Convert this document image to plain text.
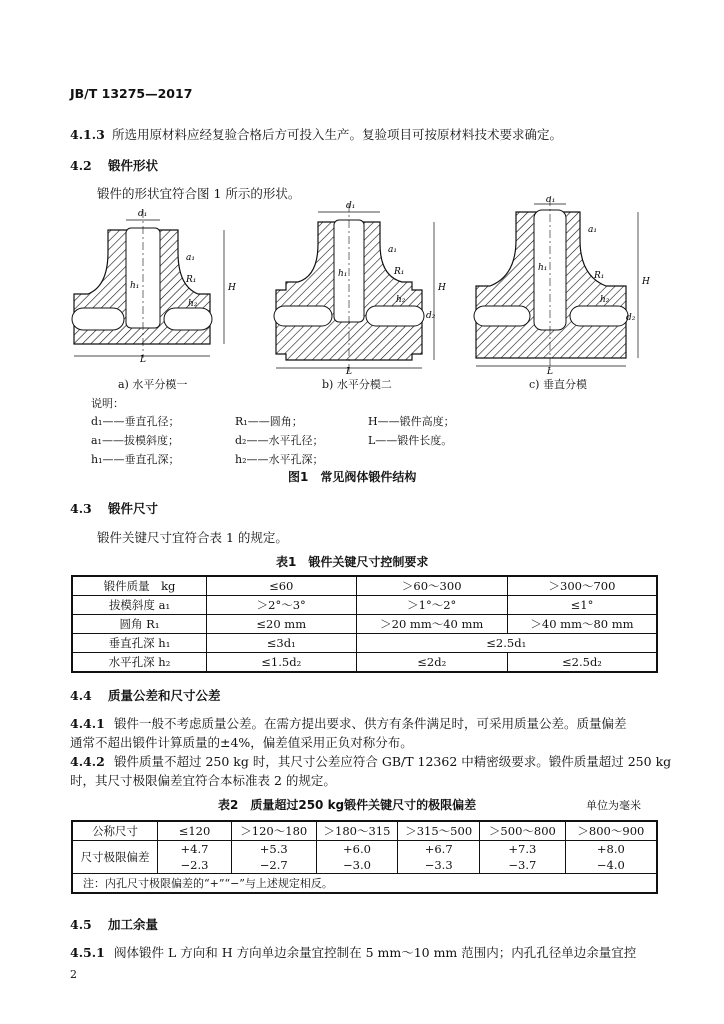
JB/T 13275—2017
4.1.3 所选用原材料应经复验合格后方可投入生产。复验项目可按原材料技术要求确定。
4.2 锻件形状
锻件的形状宜符合图 1 所示的形状。
d₁
a₁
R₁
h₁
h₂
H
L
d₁
a₁
R₁
h₁
h₂
d₂
H
L
d₁
a₁
R₁
h₁
h₂
d₂
H
L
a) 水平分模一	b) 水平分模二	c) 垂直分模
说明：
d₁——垂直孔径；	R₁——圆角；	H——锻件高度；
a₁——拔模斜度；	d₂——水平孔径；	L——锻件长度。
h₁——垂直孔深；	h₂——水平孔深；
图1　常见阀体锻件结构
4.3 锻件尺寸
锻件关键尺寸宜符合表 1 的规定。
表1　锻件关键尺寸控制要求
锻件质量　kg	≤60	＞60～300	＞300～700
拔模斜度 a₁	＞2°～3°	＞1°～2°	≤1°
圆角 R₁	≤20 mm	＞20 mm～40 mm	＞40 mm～80 mm
垂直孔深 h₁	≤3d₁	≤2.5d₁	
水平孔深 h₂	≤1.5d₂	≤2d₂	≤2.5d₂
4.4 质量公差和尺寸公差
4.4.1 锻件一般不考虑质量公差。在需方提出要求、供方有条件满足时，可采用质量公差。质量偏差
通常不超出锻件计算质量的±4%，偏差值采用正负对称分布。
4.4.2 锻件质量不超过 250 kg 时，其尺寸公差应符合 GB/T 12362 中精密级要求。锻件质量超过 250 kg
时，其尺寸极限偏差宜符合本标准表 2 的规定。
表2　质量超过250 kg锻件关键尺寸的极限偏差	单位为毫米
公称尺寸	≤120	＞120～180	＞180～315	＞315～500	＞500～800	＞800～900
尺寸极限偏差	+4.7	+5.3	+6.0	+6.7	+7.3	+8.0
	−2.3	−2.7	−3.0	−3.3	−3.7	−4.0
注：内孔尺寸极限偏差的“+”“−”与上述规定相反。						
4.5 加工余量
4.5.1 阀体锻件 L 方向和 H 方向单边余量宜控制在 5 mm～10 mm 范围内；内孔孔径单边余量宜控
2
